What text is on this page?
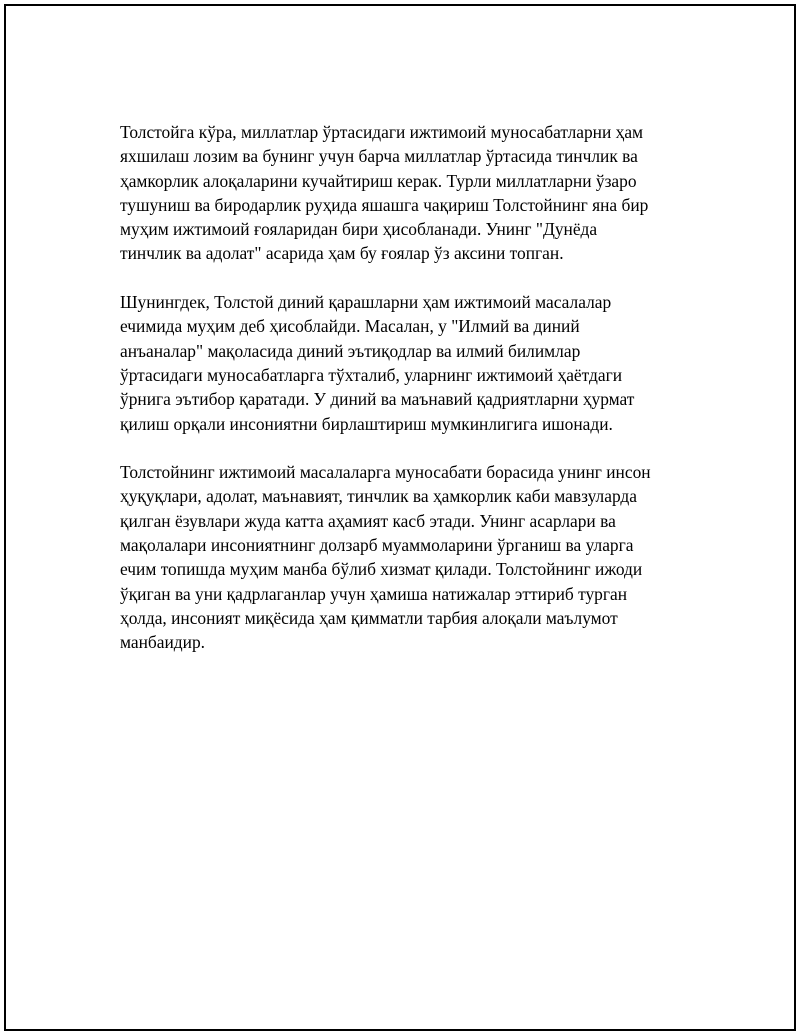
Толстойга кўра, миллатлар ўртасидаги ижтимоий муносабатларни ҳам
яхшилаш лозим ва бунинг учун барча миллатлар ўртасида тинчлик ва
ҳамкорлик алоқаларини кучайтириш керак. Турли миллатларни ўзаро
тушуниш ва биродарлик руҳида яшашга чақириш Толстойнинг яна бир
муҳим ижтимоий ғояларидан бири ҳисобланади. Унинг "Дунёда
тинчлик ва адолат" асарида ҳам бу ғоялар ўз аксини топган.

Шунингдек, Толстой диний қарашларни ҳам ижтимоий масалалар
ечимида муҳим деб ҳисоблайди. Масалан, у "Илмий ва диний
анъаналар" мақоласида диний эътиқодлар ва илмий билимлар
ўртасидаги муносабатларга тўхталиб, уларнинг ижтимоий ҳаётдаги
ўрнига эътибор қаратади. У диний ва маънавий қадриятларни ҳурмат
қилиш орқали инсониятни бирлаштириш мумкинлигига ишонади.

Толстойнинг ижтимоий масалаларга муносабати борасида унинг инсон
ҳуқуқлари, адолат, маънавият, тинчлик ва ҳамкорлик каби мавзуларда
қилган ёзувлари жуда катта аҳамият касб этади. Унинг асарлари ва
мақолалари инсониятнинг долзарб муаммоларини ўрганиш ва уларга
ечим топишда муҳим манба бўлиб хизмат қилади. Толстойнинг ижоди
ўқиган ва уни қадрлаганлар учун ҳамиша натижалар эттириб турган
ҳолда, инсоният миқёсида ҳам қимматли тарбия алоқали маълумот
манбаидир.
